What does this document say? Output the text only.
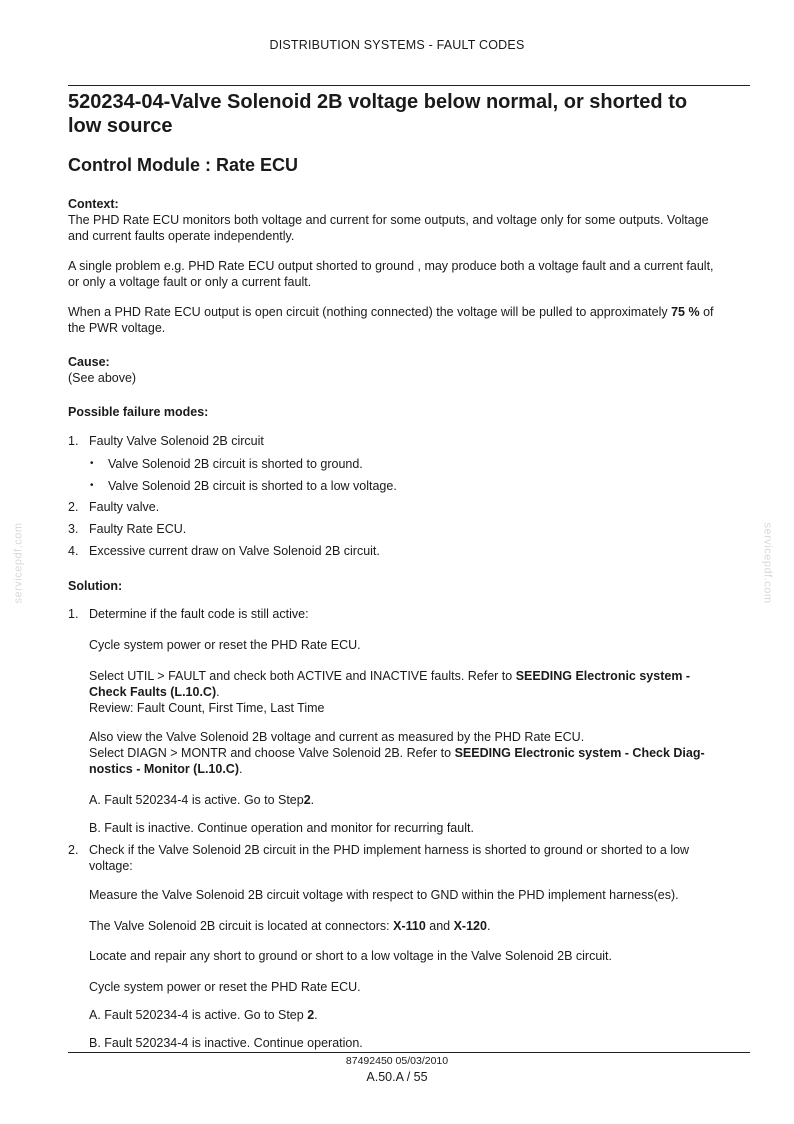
DISTRIBUTION SYSTEMS - FAULT CODES
520234-04-Valve Solenoid 2B voltage below normal, or shorted to
low source
Control Module : Rate ECU
Context:
The PHD Rate ECU monitors both voltage and current for some outputs, and voltage only for some outputs. Voltage
and current faults operate independently.
A single problem e.g. PHD Rate ECU output shorted to ground , may produce both a voltage fault and a current fault,
or only a voltage fault or only a current fault.
When a PHD Rate ECU output is open circuit (nothing connected) the voltage will be pulled to approximately 75 % of
the PWR voltage.
Cause:
(See above)
Possible failure modes:
1. Faulty Valve Solenoid 2B circuit
• Valve Solenoid 2B circuit is shorted to ground.
• Valve Solenoid 2B circuit is shorted to a low voltage.
2. Faulty valve.
3. Faulty Rate ECU.
4. Excessive current draw on Valve Solenoid 2B circuit.
Solution:
1. Determine if the fault code is still active:
Cycle system power or reset the PHD Rate ECU.
Select UTIL > FAULT and check both ACTIVE and INACTIVE faults. Refer to SEEDING Electronic system -
Check Faults (L.10.C).
Review: Fault Count, First Time, Last Time
Also view the Valve Solenoid 2B voltage and current as measured by the PHD Rate ECU.
Select DIAGN > MONTR and choose Valve Solenoid 2B. Refer to SEEDING Electronic system - Check Diag-
nostics - Monitor (L.10.C).
A. Fault 520234-4 is active. Go to Step2.
B. Fault is inactive. Continue operation and monitor for recurring fault.
2. Check if the Valve Solenoid 2B circuit in the PHD implement harness is shorted to ground or shorted to a low
voltage:
Measure the Valve Solenoid 2B circuit voltage with respect to GND within the PHD implement harness(es).
The Valve Solenoid 2B circuit is located at connectors: X-110 and X-120.
Locate and repair any short to ground or short to a low voltage in the Valve Solenoid 2B circuit.
Cycle system power or reset the PHD Rate ECU.
A. Fault 520234-4 is active. Go to Step 2.
B. Fault 520234-4 is inactive. Continue operation.
87492450 05/03/2010
A.50.A / 55
servicepdf.com	servicepdf.com
